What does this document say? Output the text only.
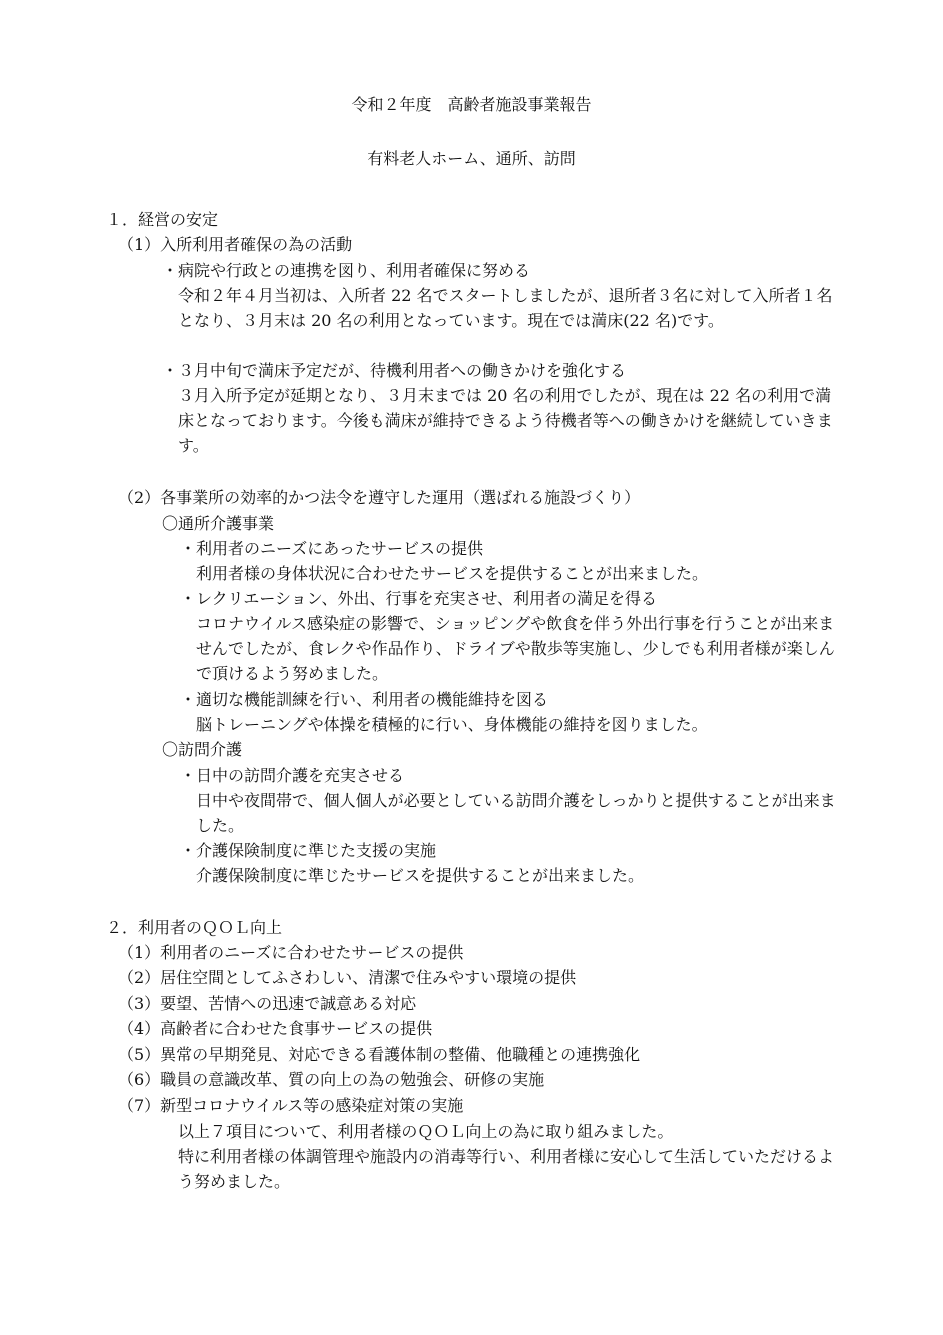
令和２年度　高齢者施設事業報告
有料老人ホーム、通所、訪問
１．経営の安定
（1）入所利用者確保の為の活動
・病院や行政との連携を図り、利用者確保に努める
令和２年４月当初は、入所者 22 名でスタートしましたが、退所者３名に対して入所者１名となり、３月末は 20 名の利用となっています。現在では満床(22 名)です。
・３月中旬で満床予定だが、待機利用者への働きかけを強化する
３月入所予定が延期となり、３月末までは 20 名の利用でしたが、現在は 22 名の利用で満床となっております。今後も満床が維持できるよう待機者等への働きかけを継続していきます。
（2）各事業所の効率的かつ法令を遵守した運用（選ばれる施設づくり）
〇通所介護事業
・利用者のニーズにあったサービスの提供
利用者様の身体状況に合わせたサービスを提供することが出来ました。
・レクリエーション、外出、行事を充実させ、利用者の満足を得る
コロナウイルス感染症の影響で、ショッピングや飲食を伴う外出行事を行うことが出来ませんでしたが、食レクや作品作り、ドライブや散歩等実施し、少しでも利用者様が楽しんで頂けるよう努めました。
・適切な機能訓練を行い、利用者の機能維持を図る
脳トレーニングや体操を積極的に行い、身体機能の維持を図りました。
〇訪問介護
・日中の訪問介護を充実させる
日中や夜間帯で、個人個人が必要としている訪問介護をしっかりと提供することが出来ました。
・介護保険制度に準じた支援の実施
介護保険制度に準じたサービスを提供することが出来ました。
２．利用者のＱＯＬ向上
（1）利用者のニーズに合わせたサービスの提供
（2）居住空間としてふさわしい、清潔で住みやすい環境の提供
（3）要望、苦情への迅速で誠意ある対応
（4）高齢者に合わせた食事サービスの提供
（5）異常の早期発見、対応できる看護体制の整備、他職種との連携強化
（6）職員の意識改革、質の向上の為の勉強会、研修の実施
（7）新型コロナウイルス等の感染症対策の実施
以上７項目について、利用者様のＱＯＬ向上の為に取り組みました。
特に利用者様の体調管理や施設内の消毒等行い、利用者様に安心して生活していただけるよう努めました。
